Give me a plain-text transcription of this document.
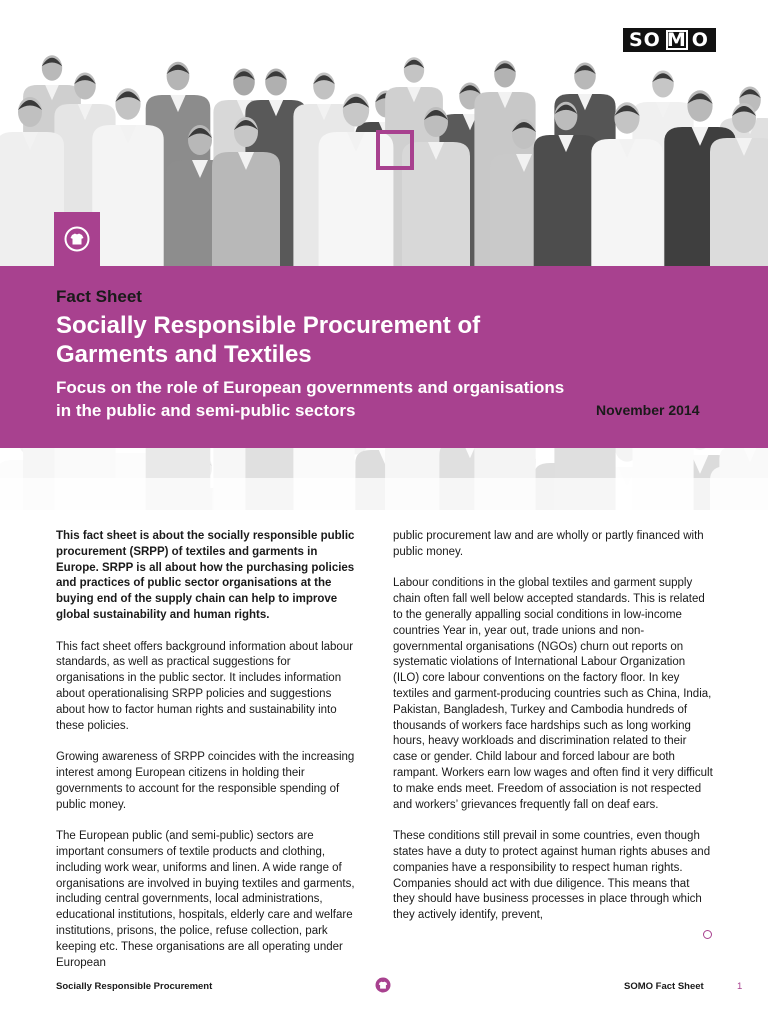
SO M O
Fact Sheet
Socially Responsible Procurement of Garments and Textiles
Focus on the role of European governments and organisations in the public and semi-public sectors	November 2014

This fact sheet is about the socially responsible public procurement (SRPP) of textiles and garments in Europe. SRPP is all about how the purchasing policies and practices of public sector organisations at the buying end of the supply chain can help to improve global sustainability and human rights.

This fact sheet offers background information about labour standards, as well as practical suggestions for organisations in the public sector. It includes information about operationalising SRPP policies and suggestions about how to factor human rights and sustainability into these policies.

Growing awareness of SRPP coincides with the increasing interest among European citizens in holding their governments to account for the responsible spending of public money.

The European public (and semi-public) sectors are important consumers of textile products and clothing, including work wear, uniforms and linen. A wide range of organisations are involved in buying textiles and garments, including central governments, local administrations, educational institutions, hospitals, elderly care and welfare institutions, prisons, the police, refuse collection, park keeping etc. These organisations are all operating under European

public procurement law and are wholly or partly financed with public money.

Labour conditions in the global textiles and garment supply chain often fall well below accepted standards. This is related to the generally appalling social conditions in low-income countries Year in, year out, trade unions and non-governmental organisations (NGOs) churn out reports on systematic violations of International Labour Organization (ILO) core labour conventions on the factory floor. In key textiles and garment-producing countries such as China, India, Pakistan, Bangladesh, Turkey and Cambodia hundreds of thousands of workers face hardships such as long working hours, heavy workloads and discrimination related to their case or gender. Child labour and forced labour are both rampant. Workers earn low wages and often find it very difficult to make ends meet. Freedom of association is not respected and workers’ grievances frequently fall on deaf ears.

These conditions still prevail in some countries, even though states have a duty to protect against human rights abuses and companies have a responsibility to respect human rights. Companies should act with due diligence. This means that they should have business processes in place through which they actively identify, prevent,

Socially Responsible Procurement	SOMO Fact Sheet	1
